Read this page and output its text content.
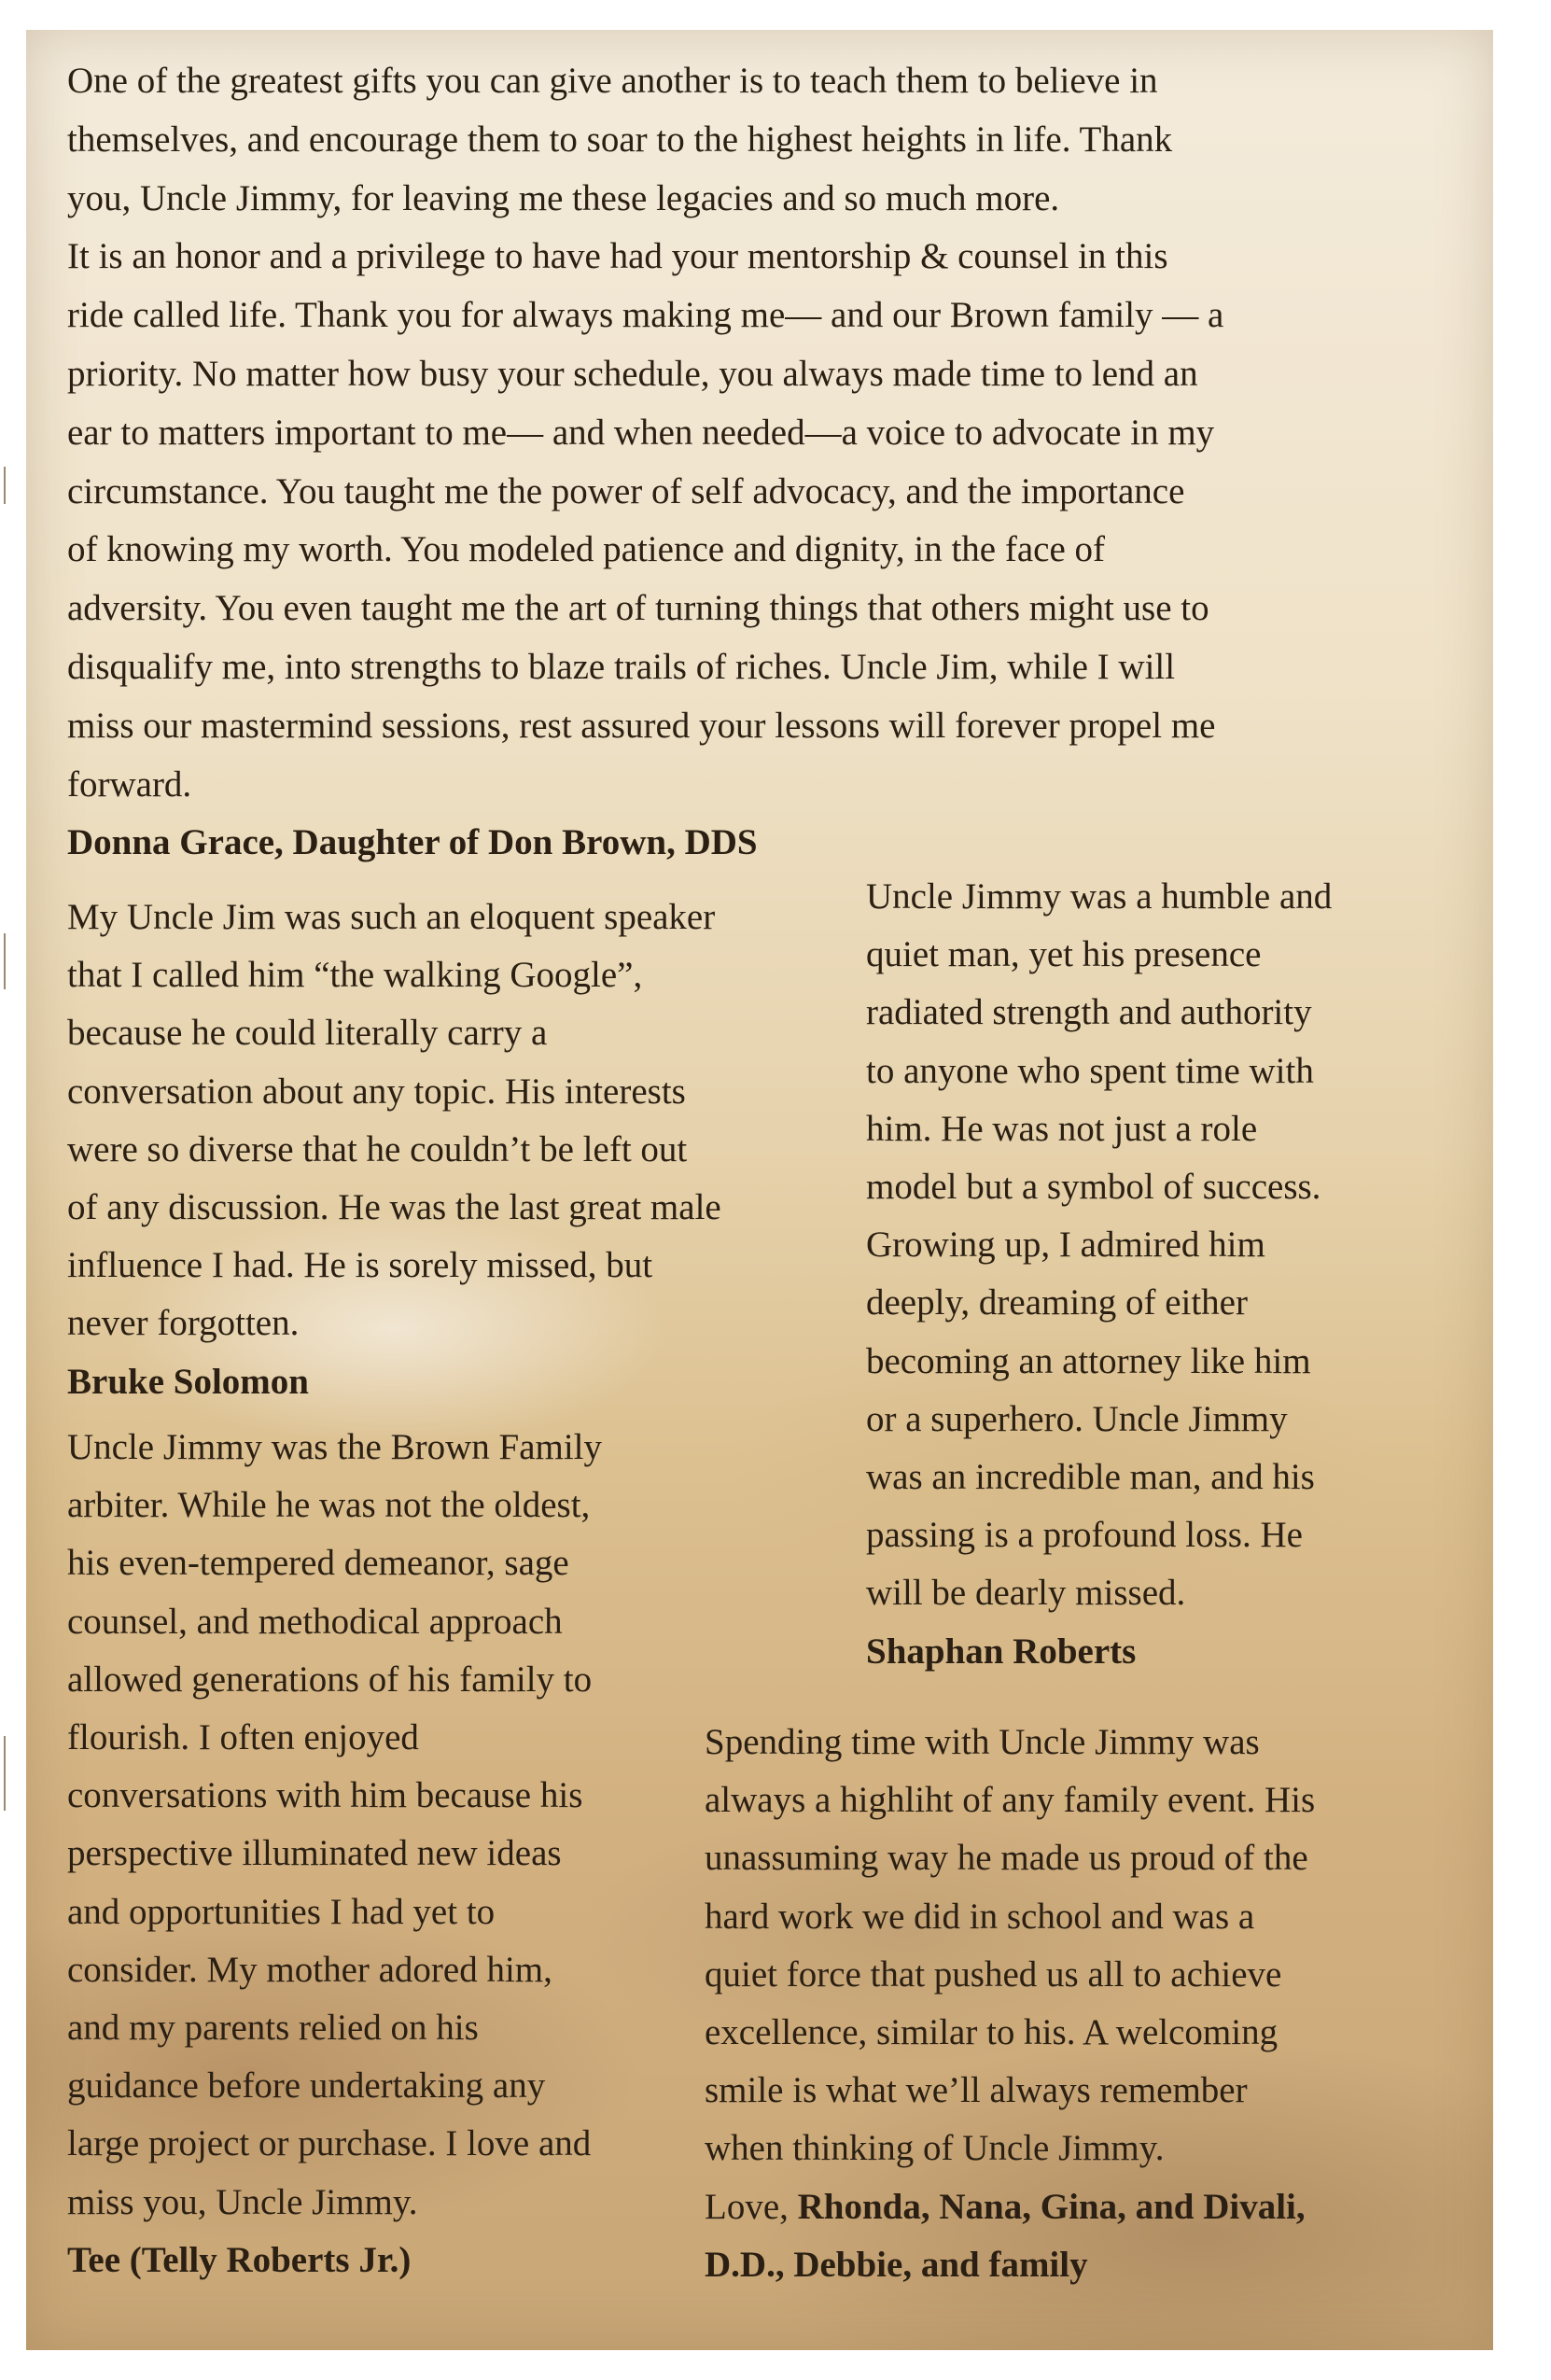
One of the greatest gifts you can give another is to teach them to believe in

themselves, and encourage them to soar to the highest heights in life. Thank

you, Uncle Jimmy, for leaving me these legacies and so much more.

It is an honor and a privilege to have had your mentorship & counsel in this

ride called life. Thank you for always making me— and our Brown family — a

priority. No matter how busy your schedule, you always made time to lend an

ear to matters important to me— and when needed—a voice to advocate in my

circumstance. You taught me the power of self advocacy, and the importance

of knowing my worth. You modeled patience and dignity, in the face of

adversity. You even taught me the art of turning things that others might use to

disqualify me, into strengths to blaze trails of riches. Uncle Jim, while I will

miss our mastermind sessions, rest assured your lessons will forever propel me

forward.

Donna Grace, Daughter of Don Brown, DDS

My Uncle Jim was such an eloquent speaker

that I called him “the walking Google”,

because he could literally carry a

conversation about any topic. His interests

were so diverse that he couldn’t be left out

of any discussion. He was the last great male

influence I had. He is sorely missed, but

never forgotten.

Bruke Solomon

Uncle Jimmy was a humble and

quiet man, yet his presence

radiated strength and authority

to anyone who spent time with

him. He was not just a role

model but a symbol of success.

Growing up, I admired him

deeply, dreaming of either

becoming an attorney like him

or a superhero. Uncle Jimmy

was an incredible man, and his

passing is a profound loss. He

will be dearly missed.

Shaphan Roberts

Uncle Jimmy was the Brown Family

arbiter. While he was not the oldest,

his even-tempered demeanor, sage

counsel, and methodical approach

allowed generations of his family to

flourish. I often enjoyed

conversations with him because his

perspective illuminated new ideas

and opportunities I had yet to

consider. My mother adored him,

and my parents relied on his

guidance before undertaking any

large project or purchase. I love and

miss you, Uncle Jimmy.

Tee (Telly Roberts Jr.)

Spending time with Uncle Jimmy was

always a highliht of any family event. His

unassuming way he made us proud of the

hard work we did in school and was a

quiet force that pushed us all to achieve

excellence, similar to his. A welcoming

smile is what we’ll always remember

when thinking of Uncle Jimmy.

Love, Rhonda, Nana, Gina, and Divali,

D.D., Debbie, and family
